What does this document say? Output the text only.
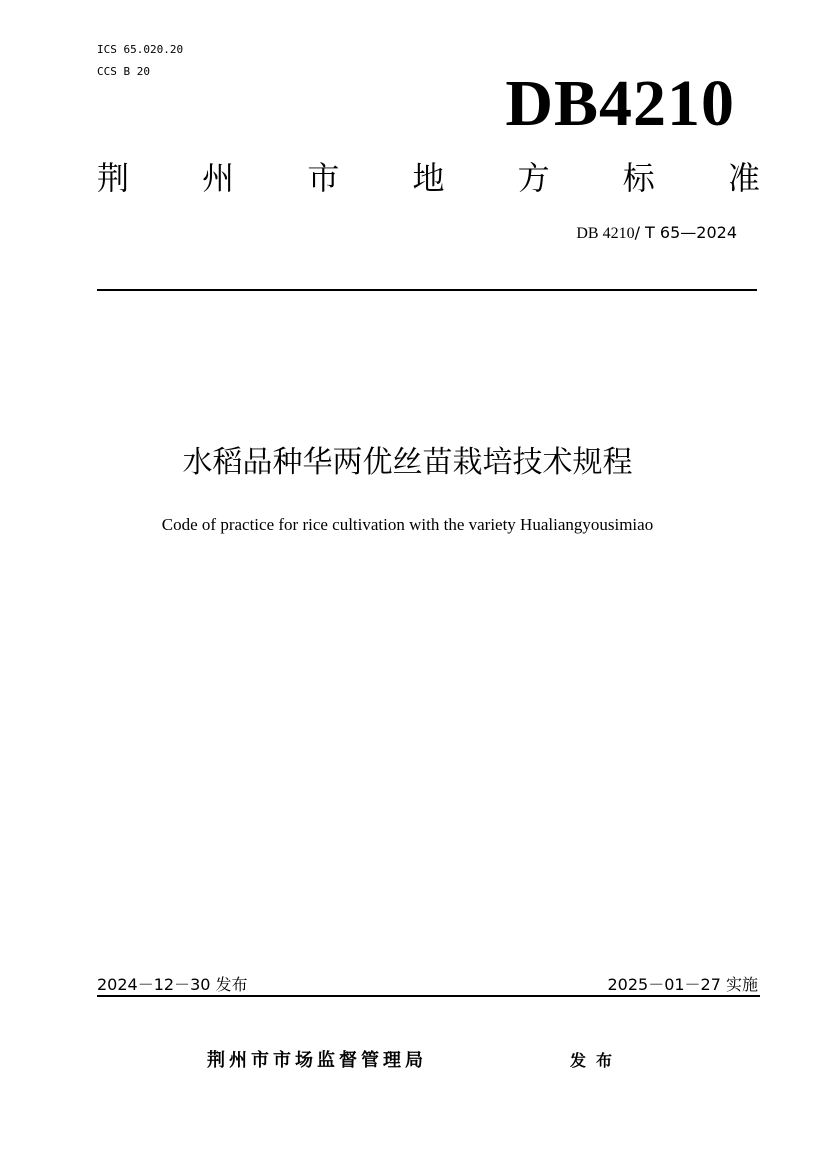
ICS 65.020.20
CCS B 20	DB4210
荆 州 市 地 方 标 准
DB 4210/ T 65—2024
水稻品种华两优丝苗栽培技术规程
Code of practice for rice cultivation with the variety Hualiangyousimiao
2024－12－30 发布	2025－01－27 实施
荆州市市场监督管理局	发布
